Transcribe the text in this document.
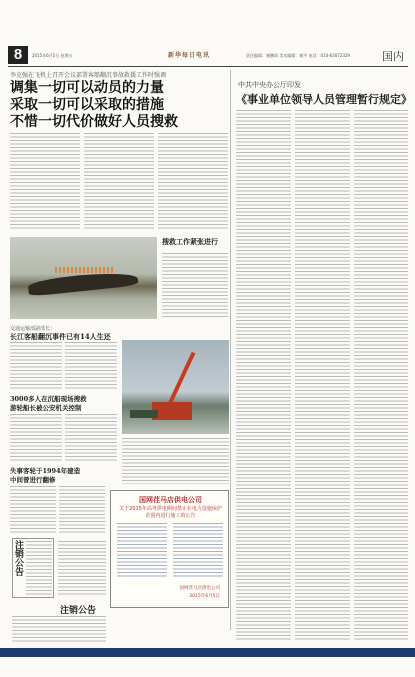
8	2015年6月5日 星期五	新华每日电讯	责任编辑：谢鹏琛 美术编辑：谢平 电话：010-63072329	国内
李克强在飞机上召开会议部署客船翻沉事故救援工作时强调
调集一切可以动员的力量
采取一切可以采取的措施
不惜一切代价做好人员搜救
搜救工作紧张进行
交通运输部副部长：
长江客船翻沉事件已有14人生还
3000多人在沉船现场搜救
游轮船长被公安机关控制
失事客轮于1994年建造
中间曾进行翻修
注销公告
注销公告
国网荏马店供电公司
关于2015年高考供电期间禁止在电力设施保护范围内进行施工的公告
国网荏马店供电公司
2015年6月5日
中共中央办公厅印发
《事业单位领导人员管理暂行规定》
